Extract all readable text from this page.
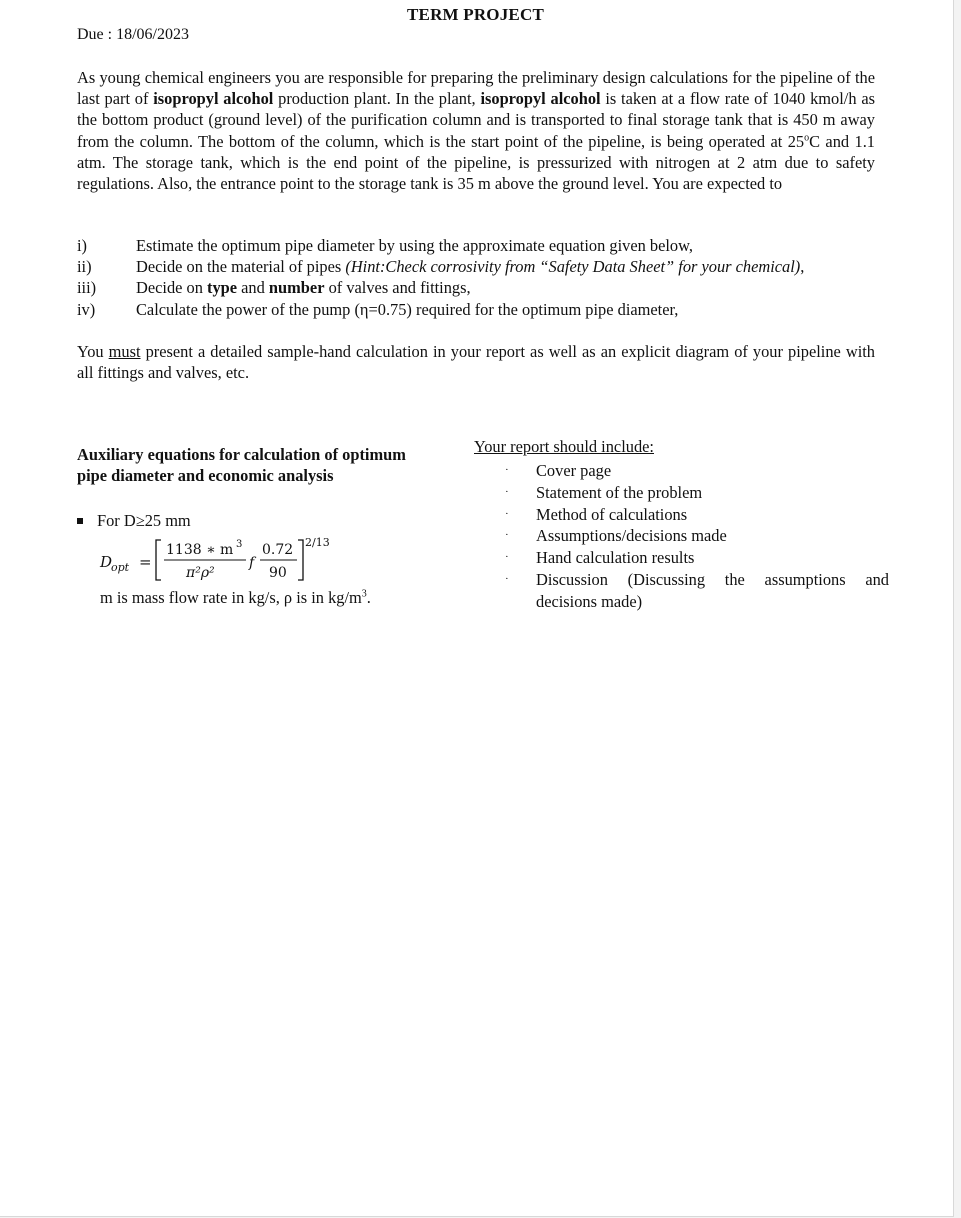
TERM PROJECT
Due : 18/06/2023

As young chemical engineers you are responsible for preparing the preliminary design calculations for the pipeline of the last part of isopropyl alcohol production plant. In the plant, isopropyl alcohol is taken at a flow rate of 1040 kmol/h as the bottom product (ground level) of the purification column and is transported to final storage tank that is 450 m away from the column. The bottom of the column, which is the start point of the pipeline, is being operated at 25$^o$C and 1.1 atm. The storage tank, which is the end point of the pipeline, is pressurized with nitrogen at 2 atm due to safety regulations. Also, the entrance point to the storage tank is 35 m above the ground level. You are expected to

i)	Estimate the optimum pipe diameter by using the approximate equation given below,
ii)	Decide on the material of pipes (Hint:Check corrosivity from “Safety Data Sheet” for your chemical),
iii)	Decide on type and number of valves and fittings,
iv)	Calculate the power of the pump (η=0.75) required for the optimum pipe diameter,

You must present a detailed sample-hand calculation in your report as well as an explicit diagram of your pipeline with all fittings and valves, etc.

Auxiliary equations for calculation of optimum
pipe diameter and economic analysis

For D≥25 mm
D
opt =
1138 ∗ m 3
π²ρ²
f
0.72
90
2/13
m is mass flow rate in kg/s, ρ is in $kg/m^3$.
Your report should include:
·	Cover page
·	Statement of the problem
·	Method of calculations
·	Assumptions/decisions made
·	Hand calculation results
·	Discussion (Discussing the assumptions and decisions made)
